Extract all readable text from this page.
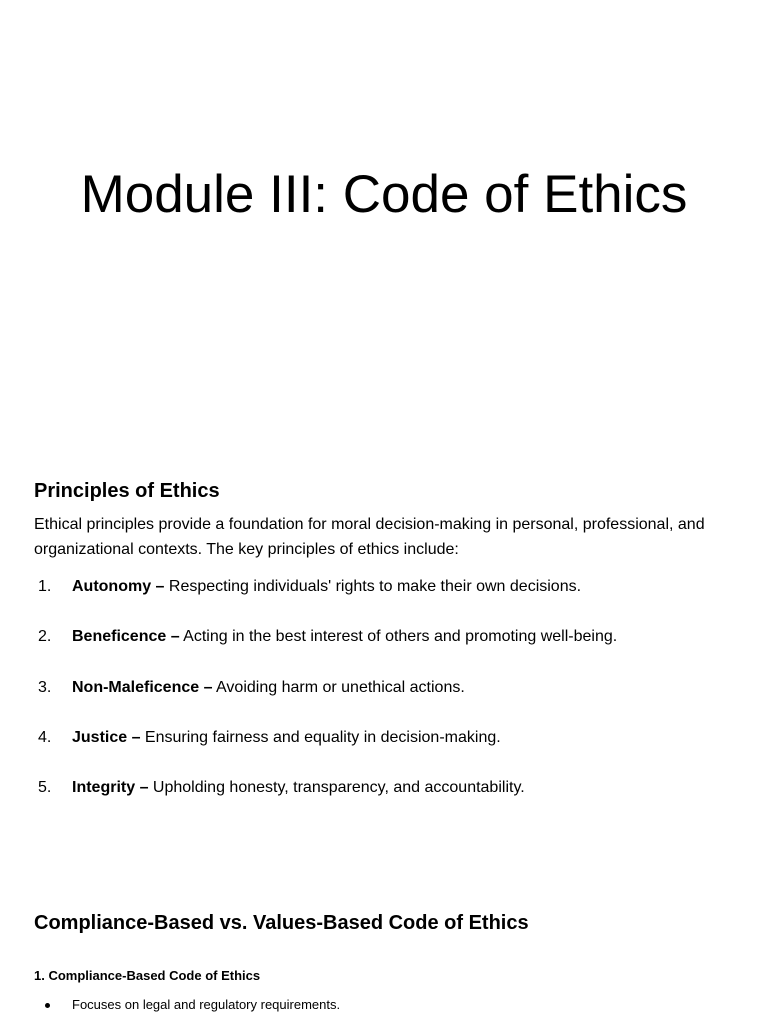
Module III: Code of Ethics
Principles of Ethics

Ethical principles provide a foundation for moral decision-making in personal, professional, and organizational contexts. The key principles of ethics include:

1.	Autonomy – Respecting individuals' rights to make their own decisions.
2.	Beneficence – Acting in the best interest of others and promoting well-being.
3.	Non-Maleficence – Avoiding harm or unethical actions.
4.	Justice – Ensuring fairness and equality in decision-making.
5.	Integrity – Upholding honesty, transparency, and accountability.
Compliance-Based vs. Values-Based Code of Ethics
1. Compliance-Based Code of Ethics
Focuses on legal and regulatory requirements.
